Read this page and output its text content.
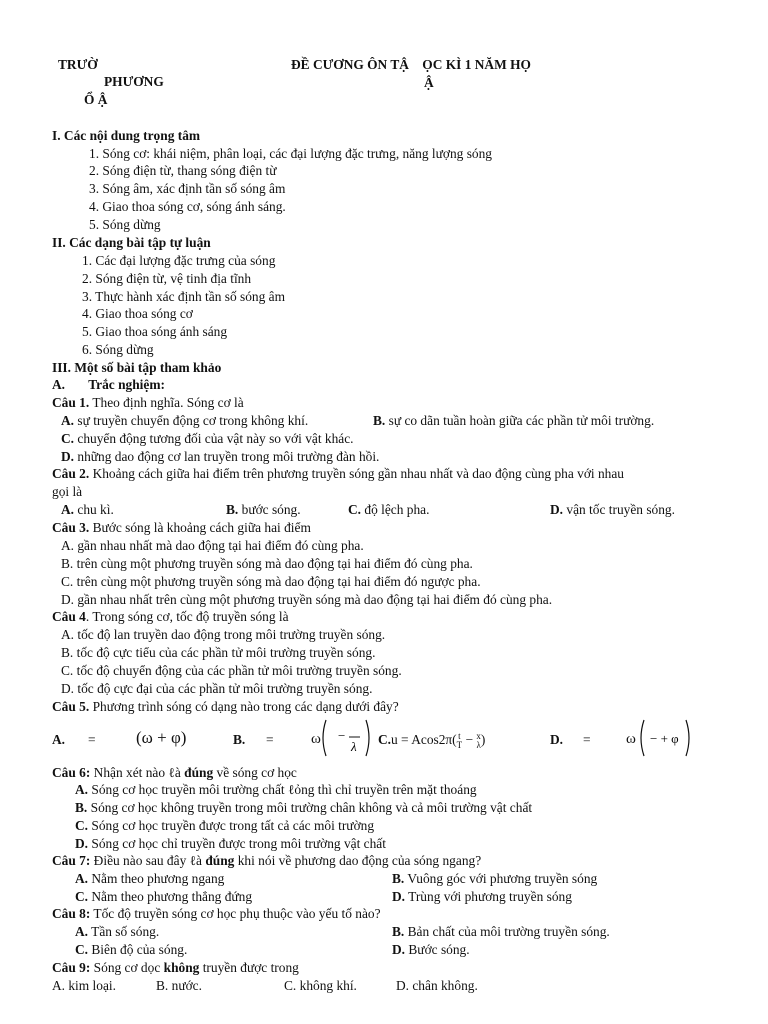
TRƯỜ
PHƯƠNG
Ổ Ậ
ĐỀ CƯƠNG ÔN TẬ    ỌC KÌ 1 NĂM HỌ
Ậ
I. Các nội dung trọng tâm
1. Sóng cơ: khái niệm, phân loại, các đại lượng đặc trưng, năng lượng sóng
2. Sóng điện từ, thang sóng điện từ
3. Sóng âm, xác định tần số sóng âm
4. Giao thoa sóng cơ, sóng ánh sáng.
5. Sóng dừng
II. Các dạng bài tập tự luận
1. Các đại lượng đặc trưng của sóng
2. Sóng điện từ, vệ tinh địa tĩnh
3. Thực hành xác định tần số sóng âm
4. Giao thoa sóng cơ
5. Giao thoa sóng ánh sáng
6. Sóng dừng
III. Một số bài tập tham khảo
A.       Trắc nghiệm:
Câu 1. Theo định nghĩa. Sóng cơ là
A. sự truyền chuyển động cơ trong không khí.	B. sự co dãn tuần hoàn giữa các phần tử môi trường.
C. chuyển động tương đối của vật này so với vật khác.
D. những dao động cơ lan truyền trong môi trường đàn hồi.
Câu 2. Khoảng cách giữa hai điểm trên phương truyền sóng gần nhau nhất và dao động cùng pha với nhau
gọi là
A. chu kì.	B. bước sóng.	C. độ lệch pha.	D. vận tốc truyền sóng.
Câu 3. Bước sóng là khoảng cách giữa hai điểm
A. gần nhau nhất mà dao động tại hai điểm đó cùng pha.
B. trên cùng một phương truyền sóng mà dao động tại hai điểm đó cùng pha.
C. trên cùng một phương truyền sóng mà dao động tại hai điểm đó ngược pha.
D. gần nhau nhất trên cùng một phương truyền sóng mà dao động tại hai điểm đó cùng pha.
Câu 4. Trong sóng cơ, tốc độ truyền sóng là
A. tốc độ lan truyền dao động trong môi trường truyền sóng.
B. tốc độ cực tiểu của các phần tử môi trường truyền sóng.
C. tốc độ chuyển động của các phần tử môi trường truyền sóng.
D. tốc độ cực đại của các phần tử môi trường truyền sóng.
Câu 5. Phương trình sóng có dạng nào trong các dạng dưới đây?
A. = (ω + φ)	B. = ω −
λ C. u = Acos2π(t
T − x
λ)	D. = ω − + φ
Câu 6: Nhận xét nào ℓà đúng về sóng cơ học
A. Sóng cơ học truyền môi trường chất ℓỏng thì chỉ truyền trên mặt thoáng
B. Sóng cơ học không truyền trong môi trường chân không và cả môi trường vật chất
C. Sóng cơ học truyền được trong tất cả các môi trường
D. Sóng cơ học chỉ truyền được trong môi trường vật chất
Câu 7: Điều nào sau đây ℓà đúng khi nói về phương dao động của sóng ngang?
A. Nằm theo phương ngang	B. Vuông góc với phương truyền sóng
C. Nằm theo phương thẳng đứng	D. Trùng với phương truyền sóng
Câu 8: Tốc độ truyền sóng cơ học phụ thuộc vào yếu tố nào?
A. Tần số sóng.	B. Bản chất của môi trường truyền sóng.
C. Biên độ của sóng.	D. Bước sóng.
Câu 9: Sóng cơ dọc không truyền được trong
A. kim loại.	B. nước.	C. không khí.	D. chân không.
